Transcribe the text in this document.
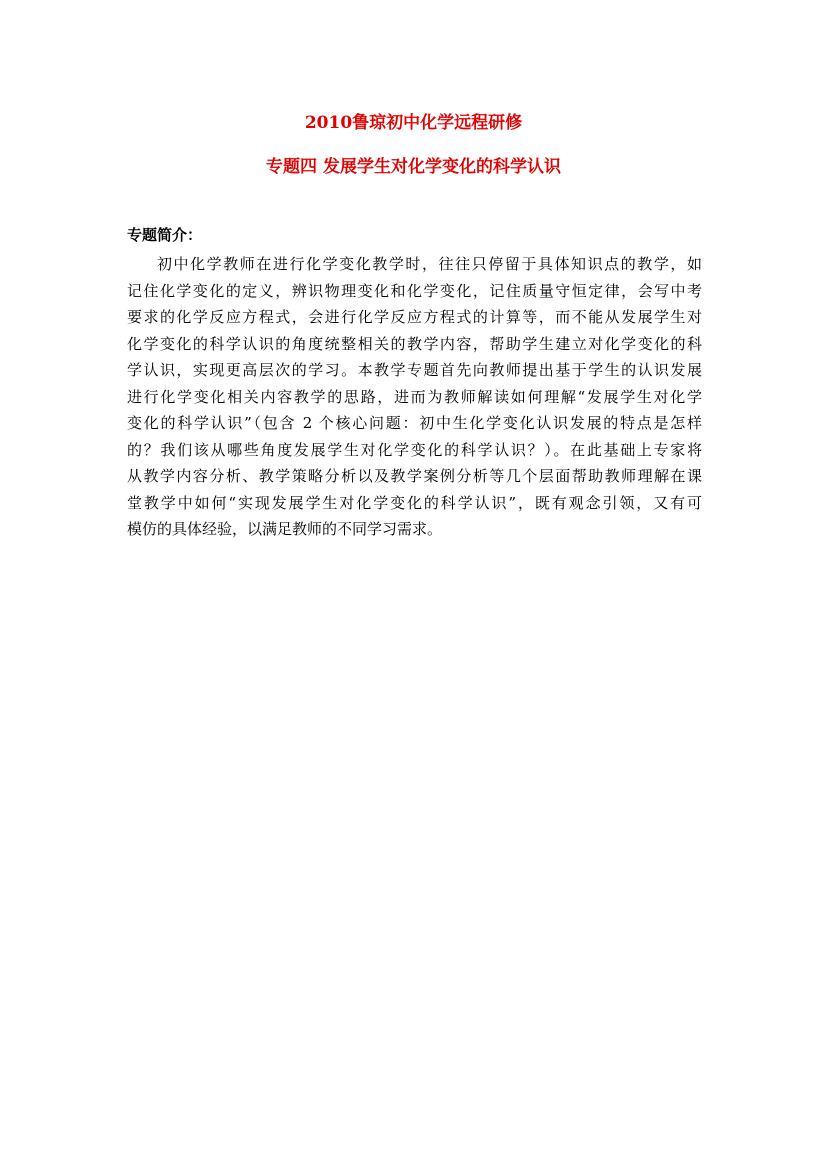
2010鲁琼初中化学远程研修
专题四 发展学生对化学变化的科学认识
专题简介：
初中化学教师在进行化学变化教学时，往往只停留于具体知识点的教学，如
记住化学变化的定义，辨识物理变化和化学变化，记住质量守恒定律，会写中考
要求的化学反应方程式，会进行化学反应方程式的计算等，而不能从发展学生对
化学变化的科学认识的角度统整相关的教学内容，帮助学生建立对化学变化的科
学认识，实现更高层次的学习。本教学专题首先向教师提出基于学生的认识发展
进行化学变化相关内容教学的思路，进而为教师解读如何理解“发展学生对化学
变化的科学认识”（包含 2 个核心问题：初中生化学变化认识发展的特点是怎样
的？我们该从哪些角度发展学生对化学变化的科学认识？）。在此基础上专家将
从教学内容分析、教学策略分析以及教学案例分析等几个层面帮助教师理解在课
堂教学中如何“实现发展学生对化学变化的科学认识”，既有观念引领，又有可
模仿的具体经验，以满足教师的不同学习需求。
